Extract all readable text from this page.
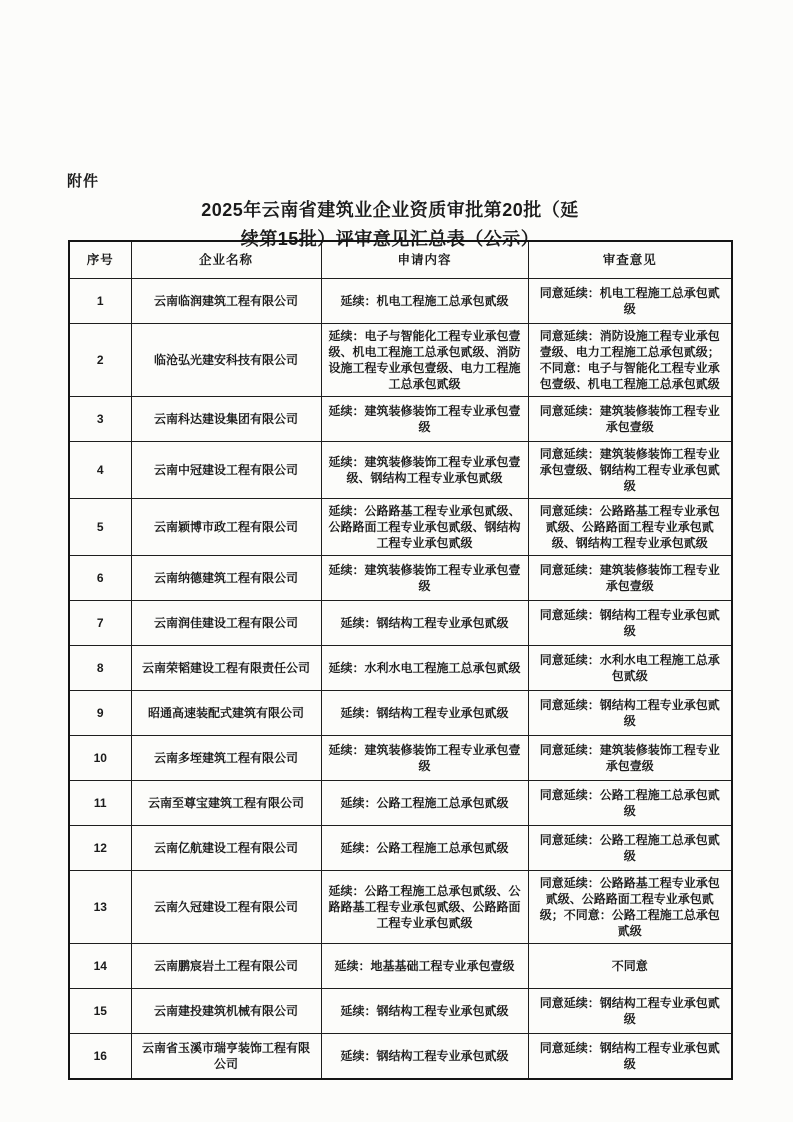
附件
2025年云南省建筑业企业资质审批第20批（延
续第15批）评审意见汇总表（公示）
序号	企业名称	申请内容	审查意见
1	云南临润建筑工程有限公司	延续：机电工程施工总承包贰级	同意延续：机电工程施工总承包贰级
2	临沧弘光建安科技有限公司	延续：电子与智能化工程专业承包壹级、机电工程施工总承包贰级、消防设施工程专业承包壹级、电力工程施工总承包贰级	同意延续：消防设施工程专业承包壹级、电力工程施工总承包贰级；不同意：电子与智能化工程专业承包壹级、机电工程施工总承包贰级
3	云南科达建设集团有限公司	延续：建筑装修装饰工程专业承包壹级	同意延续：建筑装修装饰工程专业承包壹级
4	云南中冠建设工程有限公司	延续：建筑装修装饰工程专业承包壹级、钢结构工程专业承包贰级	同意延续：建筑装修装饰工程专业承包壹级、钢结构工程专业承包贰级
5	云南颖博市政工程有限公司	延续：公路路基工程专业承包贰级、公路路面工程专业承包贰级、钢结构工程专业承包贰级	同意延续：公路路基工程专业承包贰级、公路路面工程专业承包贰级、钢结构工程专业承包贰级
6	云南纳德建筑工程有限公司	延续：建筑装修装饰工程专业承包壹级	同意延续：建筑装修装饰工程专业承包壹级
7	云南润佳建设工程有限公司	延续：钢结构工程专业承包贰级	同意延续：钢结构工程专业承包贰级
8	云南荣韬建设工程有限责任公司	延续：水利水电工程施工总承包贰级	同意延续：水利水电工程施工总承包贰级
9	昭通高速装配式建筑有限公司	延续：钢结构工程专业承包贰级	同意延续：钢结构工程专业承包贰级
10	云南多垤建筑工程有限公司	延续：建筑装修装饰工程专业承包壹级	同意延续：建筑装修装饰工程专业承包壹级
11	云南至尊宝建筑工程有限公司	延续：公路工程施工总承包贰级	同意延续：公路工程施工总承包贰级
12	云南亿航建设工程有限公司	延续：公路工程施工总承包贰级	同意延续：公路工程施工总承包贰级
13	云南久冠建设工程有限公司	延续：公路工程施工总承包贰级、公路路基工程专业承包贰级、公路路面工程专业承包贰级	同意延续：公路路基工程专业承包贰级、公路路面工程专业承包贰级；不同意：公路工程施工总承包贰级
14	云南鹏宸岩土工程有限公司	延续：地基基础工程专业承包壹级	不同意
15	云南建投建筑机械有限公司	延续：钢结构工程专业承包贰级	同意延续：钢结构工程专业承包贰级
16	云南省玉溪市瑞亨装饰工程有限公司	延续：钢结构工程专业承包贰级	同意延续：钢结构工程专业承包贰级
